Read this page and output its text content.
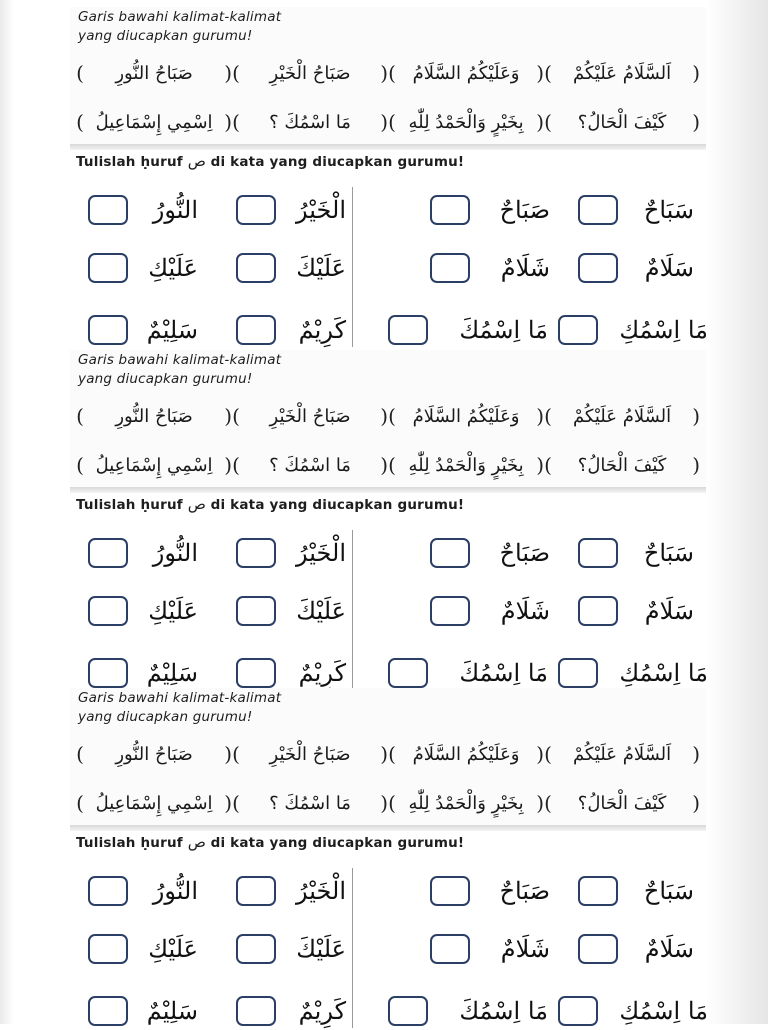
Garis bawahi kalimat-kalimat
yang diucapkan gurumu!
(
اَلسَّلَامُ عَلَيْكُمْ
)
(
وَعَلَيْكُمُ السَّلَامُ
)
(
صَبَاحُ الْخَيْرِ
)
(
صَبَاحُ النُّورِ
)
(
كَيْفَ الْحَالُ؟
)
(
بِخَيْرٍ وَالْحَمْدُ لِلّٰهِ
)
(
مَا اسْمُكَ ؟
)
(
اِسْمِي إِسْمَاعِيلُ
)
Tulislah ḥuruf ص di kata yang diucapkan gurumu!
سَبَاحٌ
صَبَاحٌ
الْخَيْرُ
النُّورُ
سَلَامٌ
شَلَامٌ
عَلَيْكَ
عَلَيْكِ
مَا اِسْمُكِ
مَا اِسْمُكَ
كَرِيْمٌ
سَلِيْمٌ
Garis bawahi kalimat-kalimat
yang diucapkan gurumu!
(
اَلسَّلَامُ عَلَيْكُمْ
)
(
وَعَلَيْكُمُ السَّلَامُ
)
(
صَبَاحُ الْخَيْرِ
)
(
صَبَاحُ النُّورِ
)
(
كَيْفَ الْحَالُ؟
)
(
بِخَيْرٍ وَالْحَمْدُ لِلّٰهِ
)
(
مَا اسْمُكَ ؟
)
(
اِسْمِي إِسْمَاعِيلُ
)
Tulislah ḥuruf ص di kata yang diucapkan gurumu!
سَبَاحٌ
صَبَاحٌ
الْخَيْرُ
النُّورُ
سَلَامٌ
شَلَامٌ
عَلَيْكَ
عَلَيْكِ
مَا اِسْمُكِ
مَا اِسْمُكَ
كَرِيْمٌ
سَلِيْمٌ
Garis bawahi kalimat-kalimat
yang diucapkan gurumu!
(
اَلسَّلَامُ عَلَيْكُمْ
)
(
وَعَلَيْكُمُ السَّلَامُ
)
(
صَبَاحُ الْخَيْرِ
)
(
صَبَاحُ النُّورِ
)
(
كَيْفَ الْحَالُ؟
)
(
بِخَيْرٍ وَالْحَمْدُ لِلّٰهِ
)
(
مَا اسْمُكَ ؟
)
(
اِسْمِي إِسْمَاعِيلُ
)
Tulislah ḥuruf ص di kata yang diucapkan gurumu!
سَبَاحٌ
صَبَاحٌ
الْخَيْرُ
النُّورُ
سَلَامٌ
شَلَامٌ
عَلَيْكَ
عَلَيْكِ
مَا اِسْمُكِ
مَا اِسْمُكَ
كَرِيْمٌ
سَلِيْمٌ
